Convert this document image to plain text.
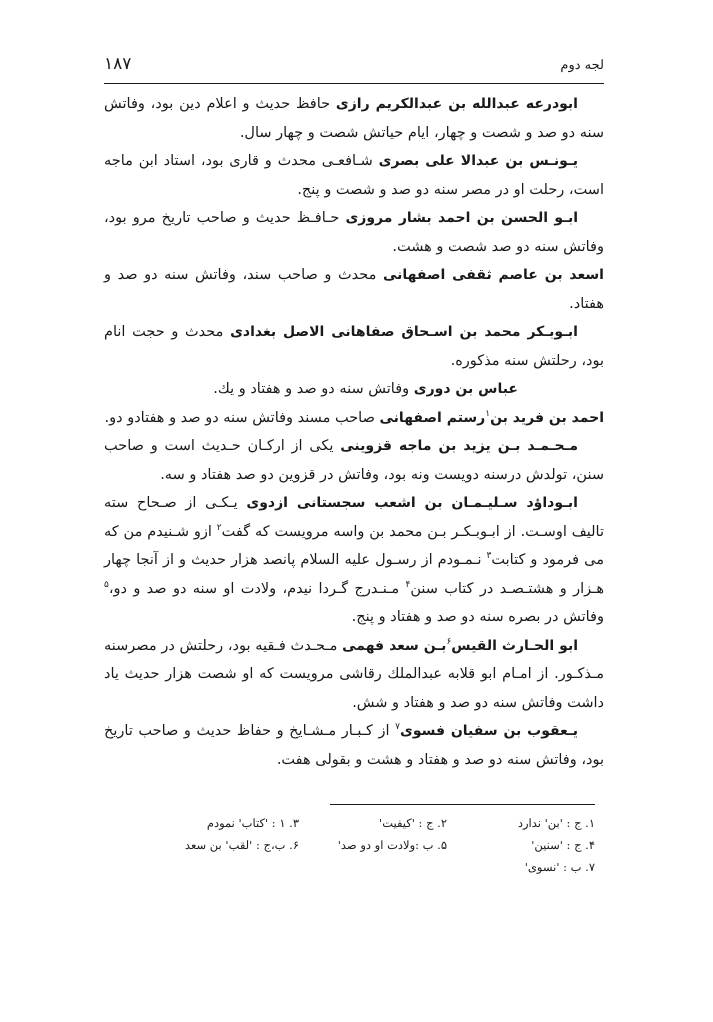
لجه دوم
۱۸۷

ابودرعه عبدالله بن عبدالكريم رازى حافظ حديث و اعلام دين بود، وفاتش سنه دو صد و شصت و چهار، ايام حياتش شصت و چهار سال.

يـونـس بن عبدالا على بصرى شـافعـى محدث و قارى بود، استاد ابن ماجه است، رحلت او در مصر سنه دو صد و شصت و پنج.

ابـو الحسن بن احمد بشار مروزى حـافـظ حديث و صاحب تاريخ مرو بود، وفاتش سنه دو صد شصت و هشت.

اسعد بن عاصم ثقفى اصفهانى محدث و صاحب سند، وفاتش سنه دو صد و هفتاد.

ابـوبـكر محمد بن اسـحاق صفاهانى الاصل بغدادى محدث و حجت انام بود، رحلتش سنه مذكوره.

عباس بن دورى وفاتش سنه دو صد و هفتاد و يك.

احمد بن فريد بن$^۱$رستم اصفهانى صاحب مسند وفاتش سنه دو صد و هفتادو دو.

مـحـمـد بـن يزيد بن ماجه قزوينى يكى از اركـان حـديث است و صاحب سنن، تولدش درسنه دويست ونه بود، وفاتش در قزوين دو صد هفتاد و سه.

ابـوداؤد سـليـمـان بن اشعب سجستانى ازدوى يـكـى از صـحاح سته تاليف اوسـت. از ابـوبـكـر بـن محمد بن واسه مرويست كه گفت$^۲$ ازو شـنيدم من كه مى فرمود و كتابت$^۳$ نـمـودم از رسـول عليه السلام پانصد هزار حديث و از آنجا چهار هـزار و هشتـصـد در كتاب سنن$^۴$ مـنـدرج گـردا نيدم، ولادت او سنه دو صد و دو،$^۵$ وفاتش در بصره سنه دو صد و هفتاد و پنج.

ابو الحـارث القيس$^۶$بـن سعد فهمى مـحـدث فـقيه بود، رحلتش در مصرسنه مـذكـور. از امـام ابو قلابه عبدالملك رقاشى مرويست كه او شصت هزار حديث ياد داشت وفاتش سنه دو صد و هفتاد و شش.

يـعقوب بن سفيان فسوى$^۷$ از كـبـار مـشـايخ و حفاظ حديث و صاحب تاريخ بود، وفاتش سنه دو صد و هفتاد و هشت و بقولى هفت.

۱. ج : 'بن' ندارد
۲. ج : 'كيفيت'
۳. ۱ : 'كتاب' نمودم
۴. ج : 'سنين'
۵. ب :ولادت او دو صد'
۶. ب،ج : 'لقب' بن سعد
۷. ب : 'نسوى'
